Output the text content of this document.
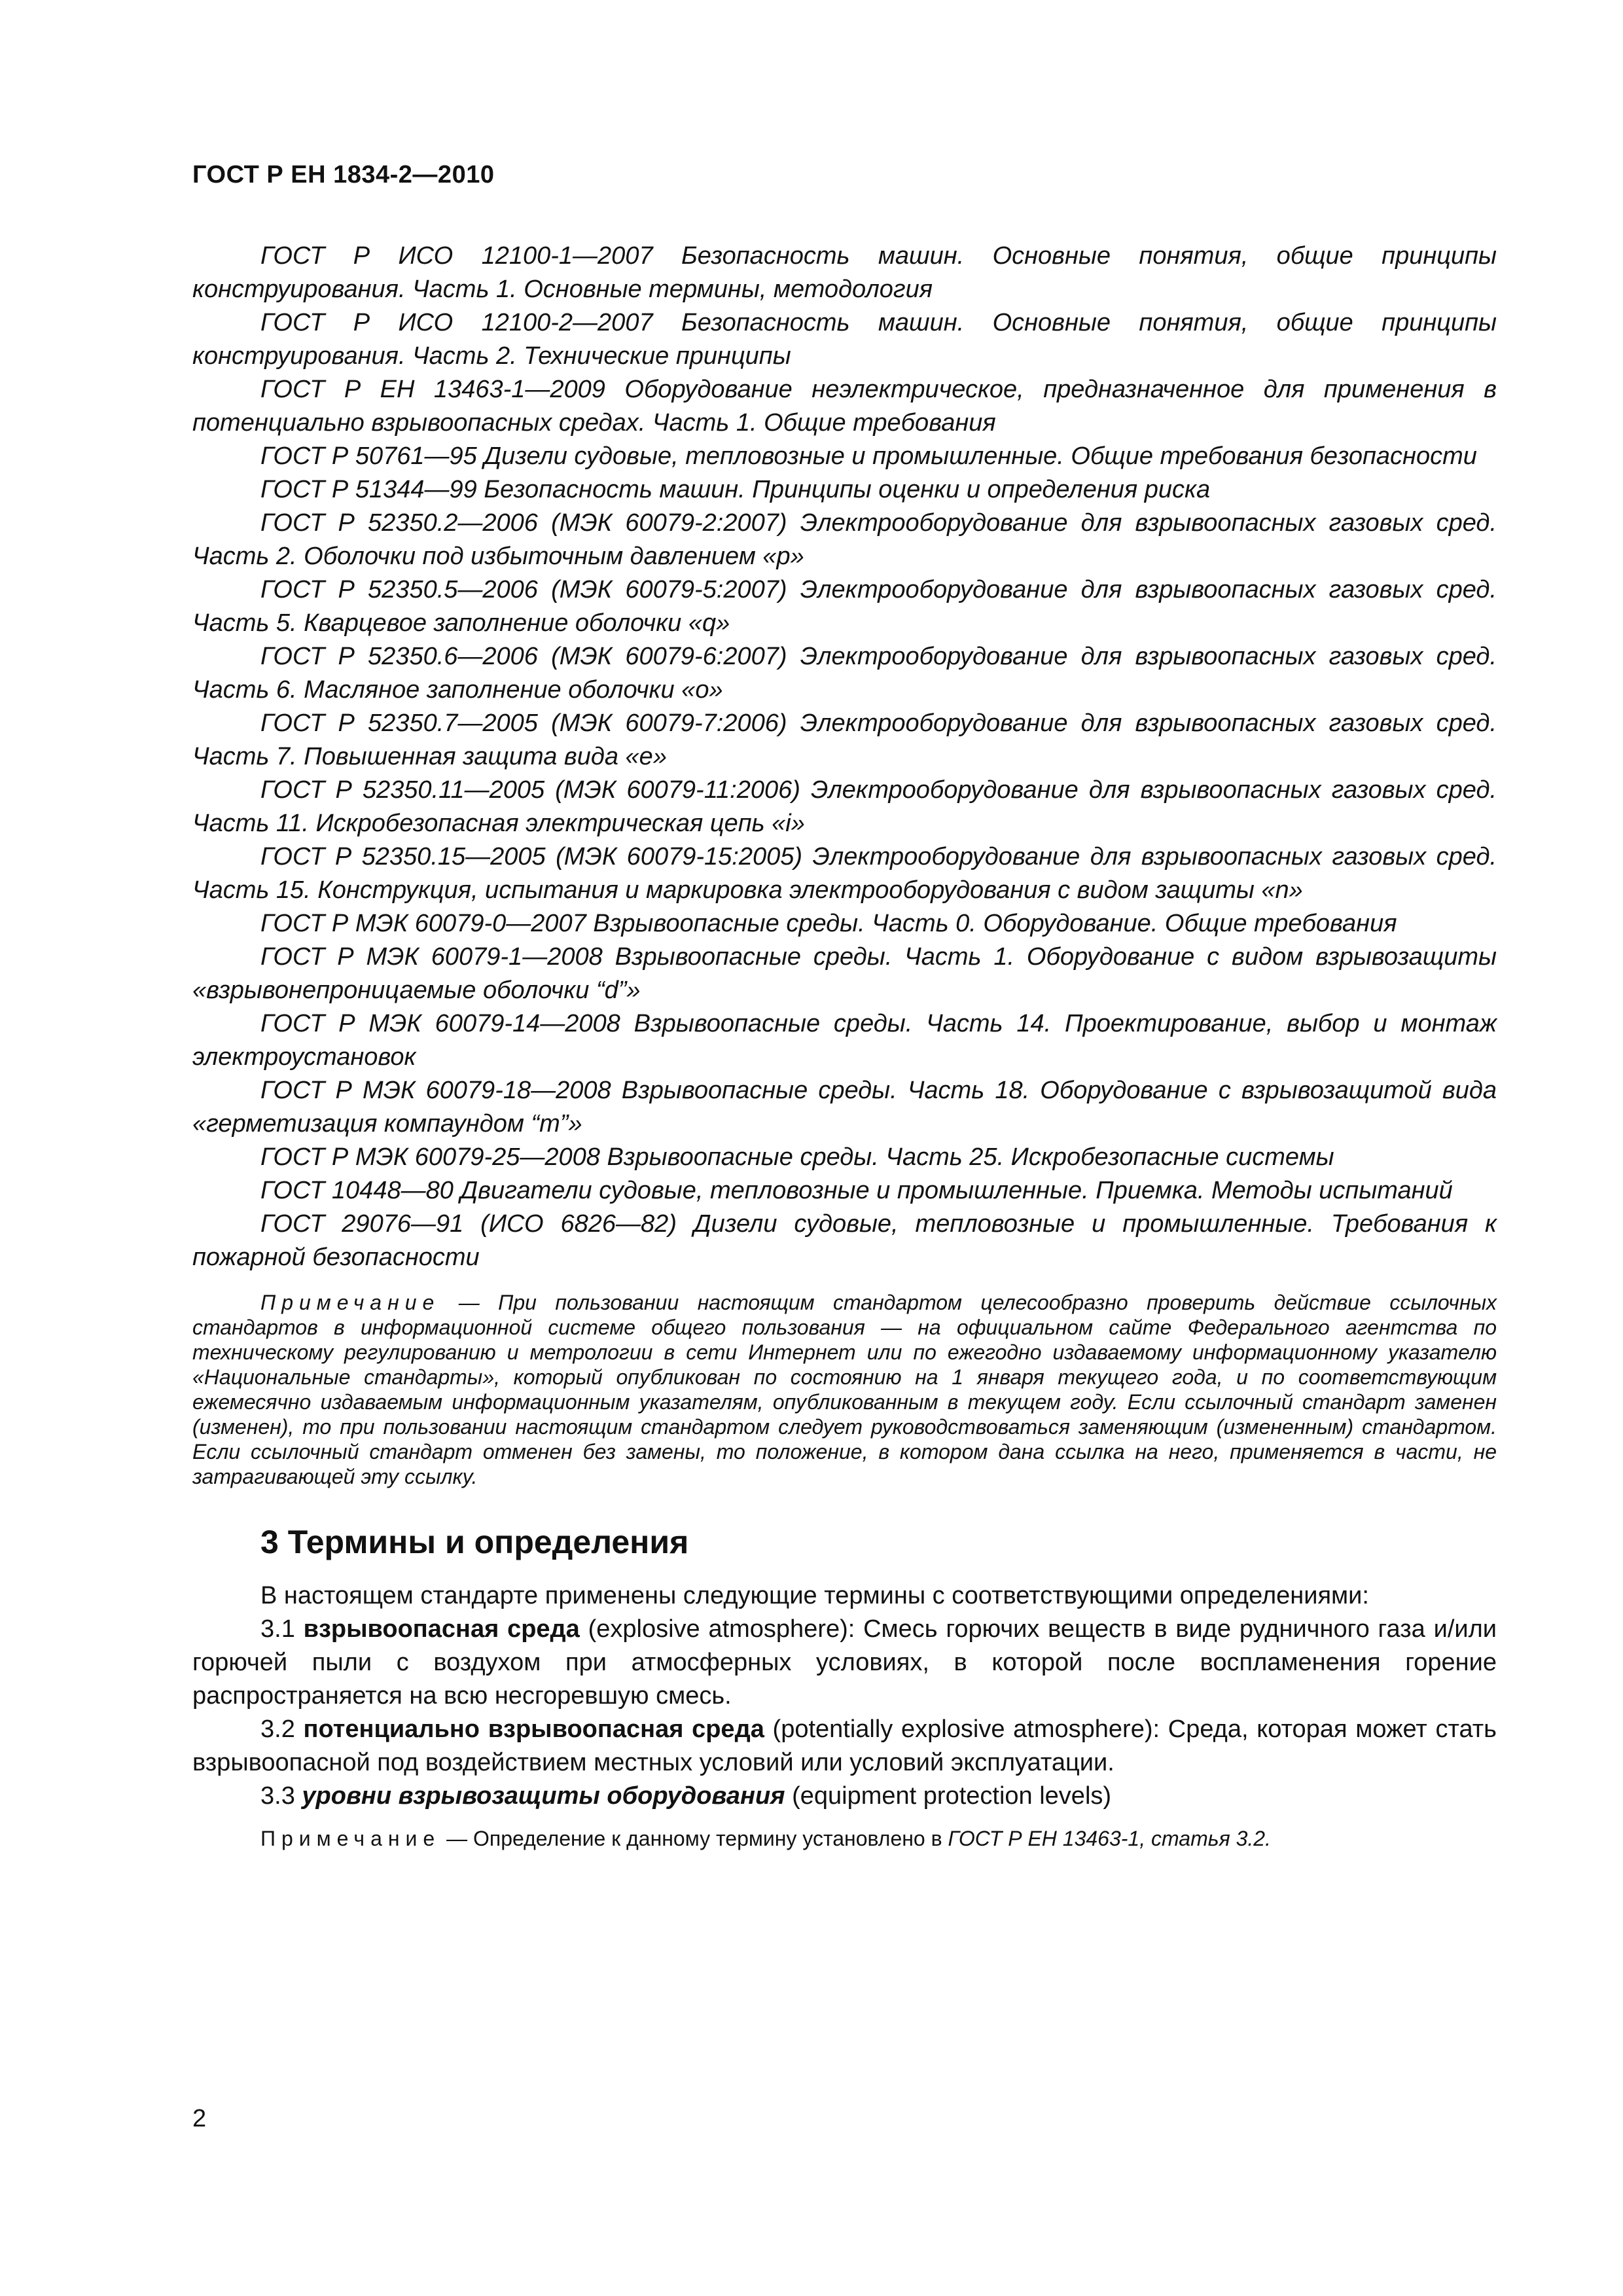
ГОСТ Р ЕН 1834-2—2010

ГОСТ Р ИСО 12100-1—2007 Безопасность машин. Основные понятия, общие принципы конструирования. Часть 1. Основные термины, методология

ГОСТ Р ИСО 12100-2—2007 Безопасность машин. Основные понятия, общие принципы конструирования. Часть 2. Технические принципы

ГОСТ Р ЕН 13463-1—2009 Оборудование неэлектрическое, предназначенное для применения в потенциально взрывоопасных средах. Часть 1. Общие требования

ГОСТ Р 50761—95 Дизели судовые, тепловозные и промышленные. Общие требования безопасности

ГОСТ Р 51344—99 Безопасность машин. Принципы оценки и определения риска

ГОСТ Р 52350.2—2006 (МЭК 60079-2:2007) Электрооборудование для взрывоопасных газовых сред. Часть 2. Оболочки под избыточным давлением «р»

ГОСТ Р 52350.5—2006 (МЭК 60079-5:2007) Электрооборудование для взрывоопасных газовых сред. Часть 5. Кварцевое заполнение оболочки «q»

ГОСТ Р 52350.6—2006 (МЭК 60079-6:2007) Электрооборудование для взрывоопасных газовых сред. Часть 6. Масляное заполнение оболочки «о»

ГОСТ Р 52350.7—2005 (МЭК 60079-7:2006) Электрооборудование для взрывоопасных газовых сред. Часть 7. Повышенная защита вида «е»

ГОСТ Р 52350.11—2005 (МЭК 60079-11:2006) Электрооборудование для взрывоопасных газовых сред. Часть 11. Искробезопасная электрическая цепь «i»

ГОСТ Р 52350.15—2005 (МЭК 60079-15:2005) Электрооборудование для взрывоопасных газовых сред. Часть 15. Конструкция, испытания и маркировка электрооборудования с видом защиты «n»

ГОСТ Р МЭК 60079-0—2007 Взрывоопасные среды. Часть 0. Оборудование. Общие требования

ГОСТ Р МЭК 60079-1—2008 Взрывоопасные среды. Часть 1. Оборудование с видом взрывозащиты «взрывонепроницаемые оболочки “d”»

ГОСТ Р МЭК 60079-14—2008 Взрывоопасные среды. Часть 14. Проектирование, выбор и монтаж электроустановок

ГОСТ Р МЭК 60079-18—2008 Взрывоопасные среды. Часть 18. Оборудование с взрывозащитой вида «герметизация компаундом “m”»

ГОСТ Р МЭК 60079-25—2008 Взрывоопасные среды. Часть 25. Искробезопасные системы

ГОСТ 10448—80 Двигатели судовые, тепловозные и промышленные. Приемка. Методы испытаний

ГОСТ 29076—91 (ИСО 6826—82) Дизели судовые, тепловозные и промышленные. Требования к пожарной безопасности

Примечание — При пользовании настоящим стандартом целесообразно проверить действие ссылочных стандартов в информационной системе общего пользования — на официальном сайте Федерального агентства по техническому регулированию и метрологии в сети Интернет или по ежегодно издаваемому информационному указателю «Национальные стандарты», который опубликован по состоянию на 1 января текущего года, и по соответствующим ежемесячно издаваемым информационным указателям, опубликованным в текущем году. Если ссылочный стандарт заменен (изменен), то при пользовании настоящим стандартом следует руководствоваться заменяющим (измененным) стандартом. Если ссылочный стандарт отменен без замены, то положение, в котором дана ссылка на него, применяется в части, не затрагивающей эту ссылку.

3 Термины и определения

В настоящем стандарте применены следующие термины с соответствующими определениями:

3.1 взрывоопасная среда (explosive atmosphere): Смесь горючих веществ в виде рудничного газа и/или горючей пыли с воздухом при атмосферных условиях, в которой после воспламенения горение распространяется на всю несгоревшую смесь.

3.2 потенциально взрывоопасная среда (potentially explosive atmosphere): Среда, которая может стать взрывоопасной под воздействием местных условий или условий эксплуатации.

3.3 уровни взрывозащиты оборудования (equipment protection levels)

Примечание — Определение к данному термину установлено в ГОСТ Р ЕН 13463-1, статья 3.2.

2
